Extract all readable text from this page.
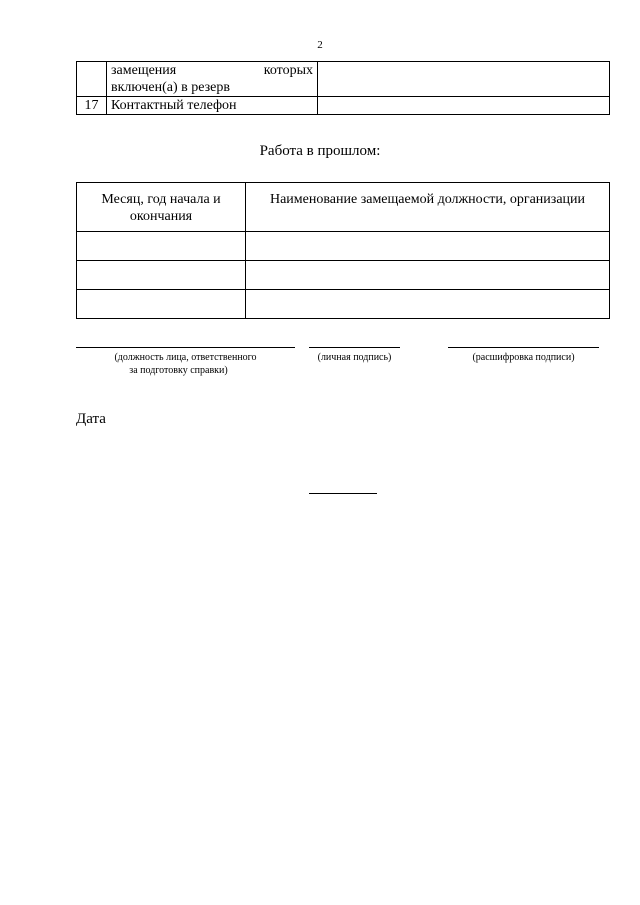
2

	замещения которых
включен(а) в резерв	

17	Контактный телефон	
Работа в прошлом:
Месяц, год начала и окончания	Наименование замещаемой должности, организации

(должность лица, ответственного
за подготовку справки)
(личная подпись)	(расшифровка подписи)
Дата
